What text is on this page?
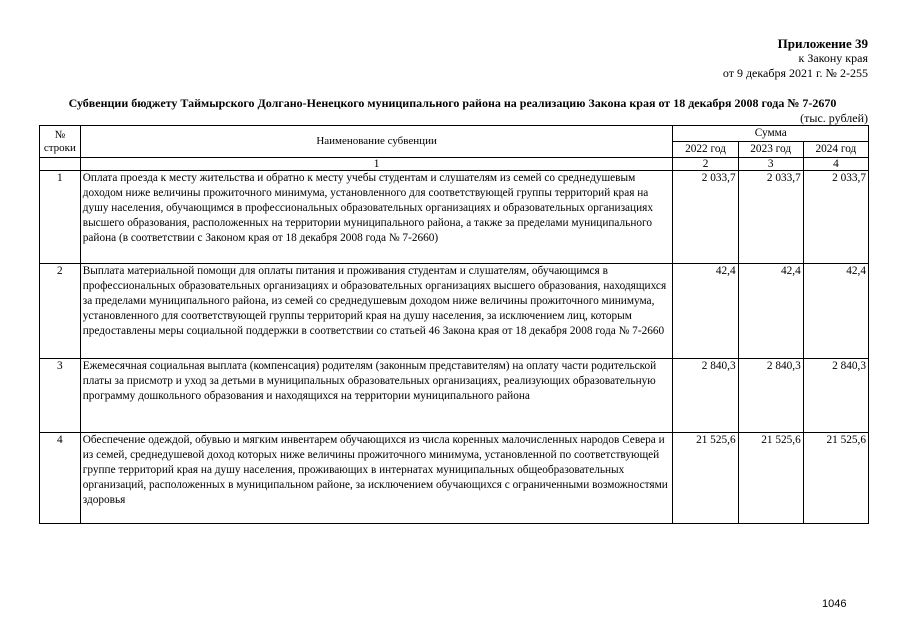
Приложение 39
к Закону края
от 9 декабря 2021 г. № 2-255
Субвенции бюджету Таймырского Долгано-Ненецкого муниципального района на реализацию Закона края от 18 декабря 2008 года № 7-2670
(тыс. рублей)
№ строки	Наименование субвенции	Сумма		
		2022 год	2023 год	2024 год
	1	2	3	4
1	Оплата проезда к месту жительства и обратно к месту учебы студентам и слушателям из семей со среднедушевым доходом ниже величины прожиточного минимума, установленного для соответствующей группы территорий края на душу населения, обучающимся в профессиональных образовательных организациях и образовательных организациях высшего образования, расположенных на территории муниципального района, а также за пределами муниципального района (в соответствии с Законом края от 18 декабря 2008 года № 7-2660)	2 033,7	2 033,7	2 033,7
2	Выплата материальной помощи для оплаты питания и проживания студентам и слушателям, обучающимся в профессиональных образовательных организациях и образовательных организациях высшего образования, находящихся за пределами муниципального района, из семей со среднедушевым доходом ниже величины прожиточного минимума, установленного для соответствующей группы территорий края на душу населения, за исключением лиц, которым предоставлены меры социальной поддержки в соответствии со статьей 46 Закона края от 18 декабря 2008 года № 7-2660	42,4	42,4	42,4
3	Ежемесячная социальная выплата (компенсация) родителям (законным представителям) на оплату части родительской платы за присмотр и уход за детьми в муниципальных образовательных организациях, реализующих образовательную программу дошкольного образования и находящихся на территории муниципального района	2 840,3	2 840,3	2 840,3
4	Обеспечение одеждой, обувью и мягким инвентарем обучающихся из числа коренных малочисленных народов Севера и из семей, среднедушевой доход которых ниже величины прожиточного минимума, установленной по соответствующей группе территорий края на душу населения, проживающих в интернатах муниципальных общеобразовательных организаций, расположенных в муниципальном районе, за исключением обучающихся с ограниченными возможностями здоровья	21 525,6	21 525,6	21 525,6
1046
